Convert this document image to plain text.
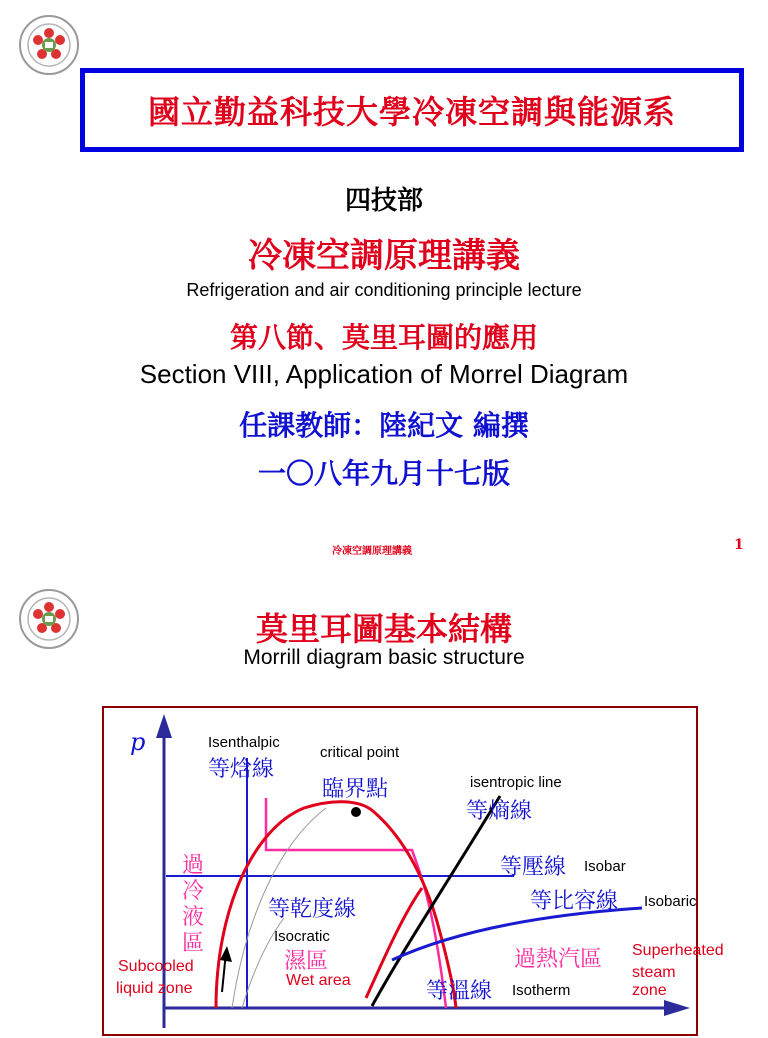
國立勤益科技大學冷凍空調與能源系
四技部
冷凍空調原理講義
Refrigeration and air conditioning principle lecture
第八節、莫里耳圖的應用
Section VIII, Application of Morrel Diagram
任課教師：陸紀文 編撰
一〇八年九月十七版
冷凍空調原理講義	1
莫里耳圖基本結構
Morrill diagram basic structure
p	Isenthalpic
等焓線
critical point
臨界點	isentropic line
等熵線
等壓線 Isobar
等比容線 Isobaric
過
冷
液
區
Subcooled
liquid zone
等乾度線
Isocratic
濕區
Wet area
過熱汽區 Superheated
steam zone
等溫線 Isotherm
